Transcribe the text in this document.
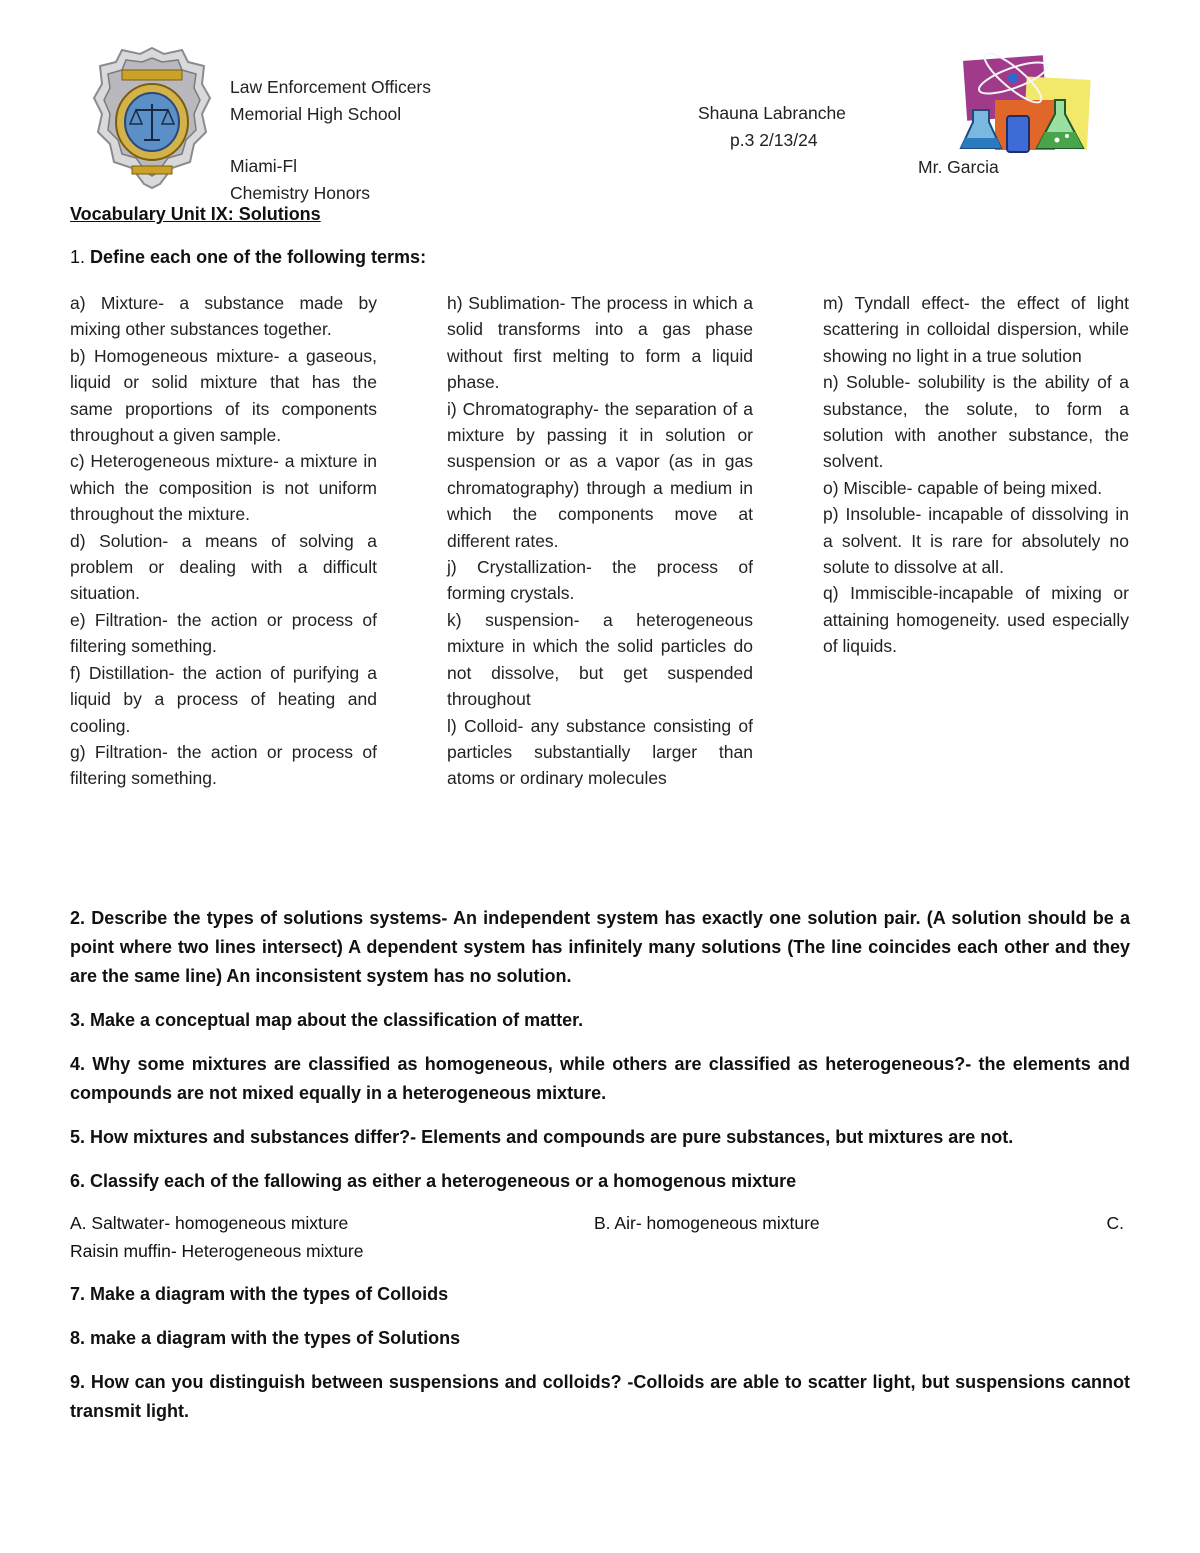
Law Enforcement Officers
Memorial High School
Miami-Fl
Chemistry Honors
Shauna Labranche
p.3 2/13/24
Mr. Garcia
Vocabulary Unit IX: Solutions
1. Define each one of the following terms:

a) Mixture- a substance made by mixing other substances together.

b) Homogeneous mixture- a gaseous, liquid or solid mixture that has the same proportions of its components throughout a given sample.

c) Heterogeneous mixture- a mixture in which the composition is not uniform throughout the mixture.

d) Solution- a means of solving a problem or dealing with a difficult situation.

e) Filtration- the action or process of filtering something.

f) Distillation- the action of purifying a liquid by a process of heating and cooling.

g) Filtration- the action or process of filtering something.

h) Sublimation- The process in which a solid transforms into a gas phase without first melting to form a liquid phase.

i) Chromatography- the separation of a mixture by passing it in solution or suspension or as a vapor (as in gas chromatography) through a medium in which the components move at different rates.

j) Crystallization- the process of forming crystals.

k) suspension- a heterogeneous mixture in which the solid particles do not dissolve, but get suspended throughout

l) Colloid- any substance consisting of particles substantially larger than atoms or ordinary molecules

m) Tyndall effect- the effect of light scattering in colloidal dispersion, while showing no light in a true solution

n) Soluble- solubility is the ability of a substance, the solute, to form a solution with another substance, the solvent.

o) Miscible- capable of being mixed.

p) Insoluble- incapable of dissolving in a solvent. It is rare for absolutely no solute to dissolve at all.

q) Immiscible-incapable of mixing or attaining homogeneity. used especially of liquids.

2. Describe the types of solutions systems- An independent system has exactly one solution pair. (A solution should be a point where two lines intersect) A dependent system has infinitely many solutions (The line coincides each other and they are the same line) An inconsistent system has no solution.

3. Make a conceptual map about the classification of matter.

4. Why some mixtures are classified as homogeneous, while others are classified as heterogeneous?- the elements and compounds are not mixed equally in a heterogeneous mixture.

5. How mixtures and substances differ?- Elements and compounds are pure substances, but mixtures are not.

6. Classify each of the fallowing as either a heterogeneous or a homogenous mixture

A. Saltwater- homogeneous mixture	B. Air- homogeneous mixture	C.
Raisin muffin- Heterogeneous mixture

7. Make a diagram with the types of Colloids

8. make a diagram with the types of Solutions

9. How can you distinguish between suspensions and colloids? -Colloids are able to scatter light, but suspensions cannot transmit light.
